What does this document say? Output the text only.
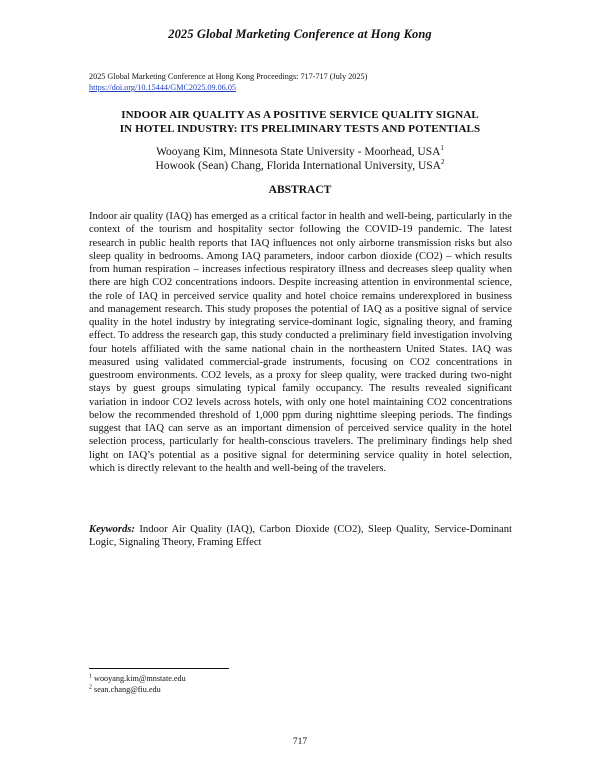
2025 Global Marketing Conference at Hong Kong
2025 Global Marketing Conference at Hong Kong Proceedings: 717-717 (July 2025)
https://doi.org/10.15444/GMC2025.09.06.05
INDOOR AIR QUALITY AS A POSITIVE SERVICE QUALITY SIGNAL
IN HOTEL INDUSTRY: ITS PRELIMINARY TESTS AND POTENTIALS
Wooyang Kim, Minnesota State University - Moorhead, USA$^1$
Howook (Sean) Chang, Florida International University, USA$^2$
ABSTRACT
Indoor air quality (IAQ) has emerged as a critical factor in health and well-being, particularly in the context of the tourism and hospitality sector following the COVID-19 pandemic. The latest research in public health reports that IAQ influences not only airborne transmission risks but also sleep quality in bedrooms. Among IAQ parameters, indoor carbon dioxide (CO2) – which results from human respiration – increases infectious respiratory illness and decreases sleep quality when there are high CO2 concentrations indoors. Despite increasing attention in environmental science, the role of IAQ in perceived service quality and hotel choice remains underexplored in business and management research. This study proposes the potential of IAQ as a positive signal of service quality in the hotel industry by integrating service-dominant logic, signaling theory, and framing effect. To address the research gap, this study conducted a preliminary field investigation involving four hotels affiliated with the same national chain in the northeastern United States. IAQ was measured using validated commercial-grade instruments, focusing on CO2 concentrations in guestroom environments. CO2 levels, as a proxy for sleep quality, were tracked during two-night stays by guest groups simulating typical family occupancy. The results revealed significant variation in indoor CO2 levels across hotels, with only one hotel maintaining CO2 concentrations below the recommended threshold of 1,000 ppm during nighttime sleeping periods. The findings suggest that IAQ can serve as an important dimension of perceived service quality in the hotel selection process, particularly for health-conscious travelers. The preliminary findings help shed light on IAQ’s potential as a positive signal for determining service quality in hotel selection, which is directly relevant to the health and well-being of the travelers.
Keywords: Indoor Air Quality (IAQ), Carbon Dioxide (CO2), Sleep Quality, Service-Dominant Logic, Signaling Theory, Framing Effect
$^1$ wooyang.kim@mnstate.edu
$^2$ sean.chang@fiu.edu
717
